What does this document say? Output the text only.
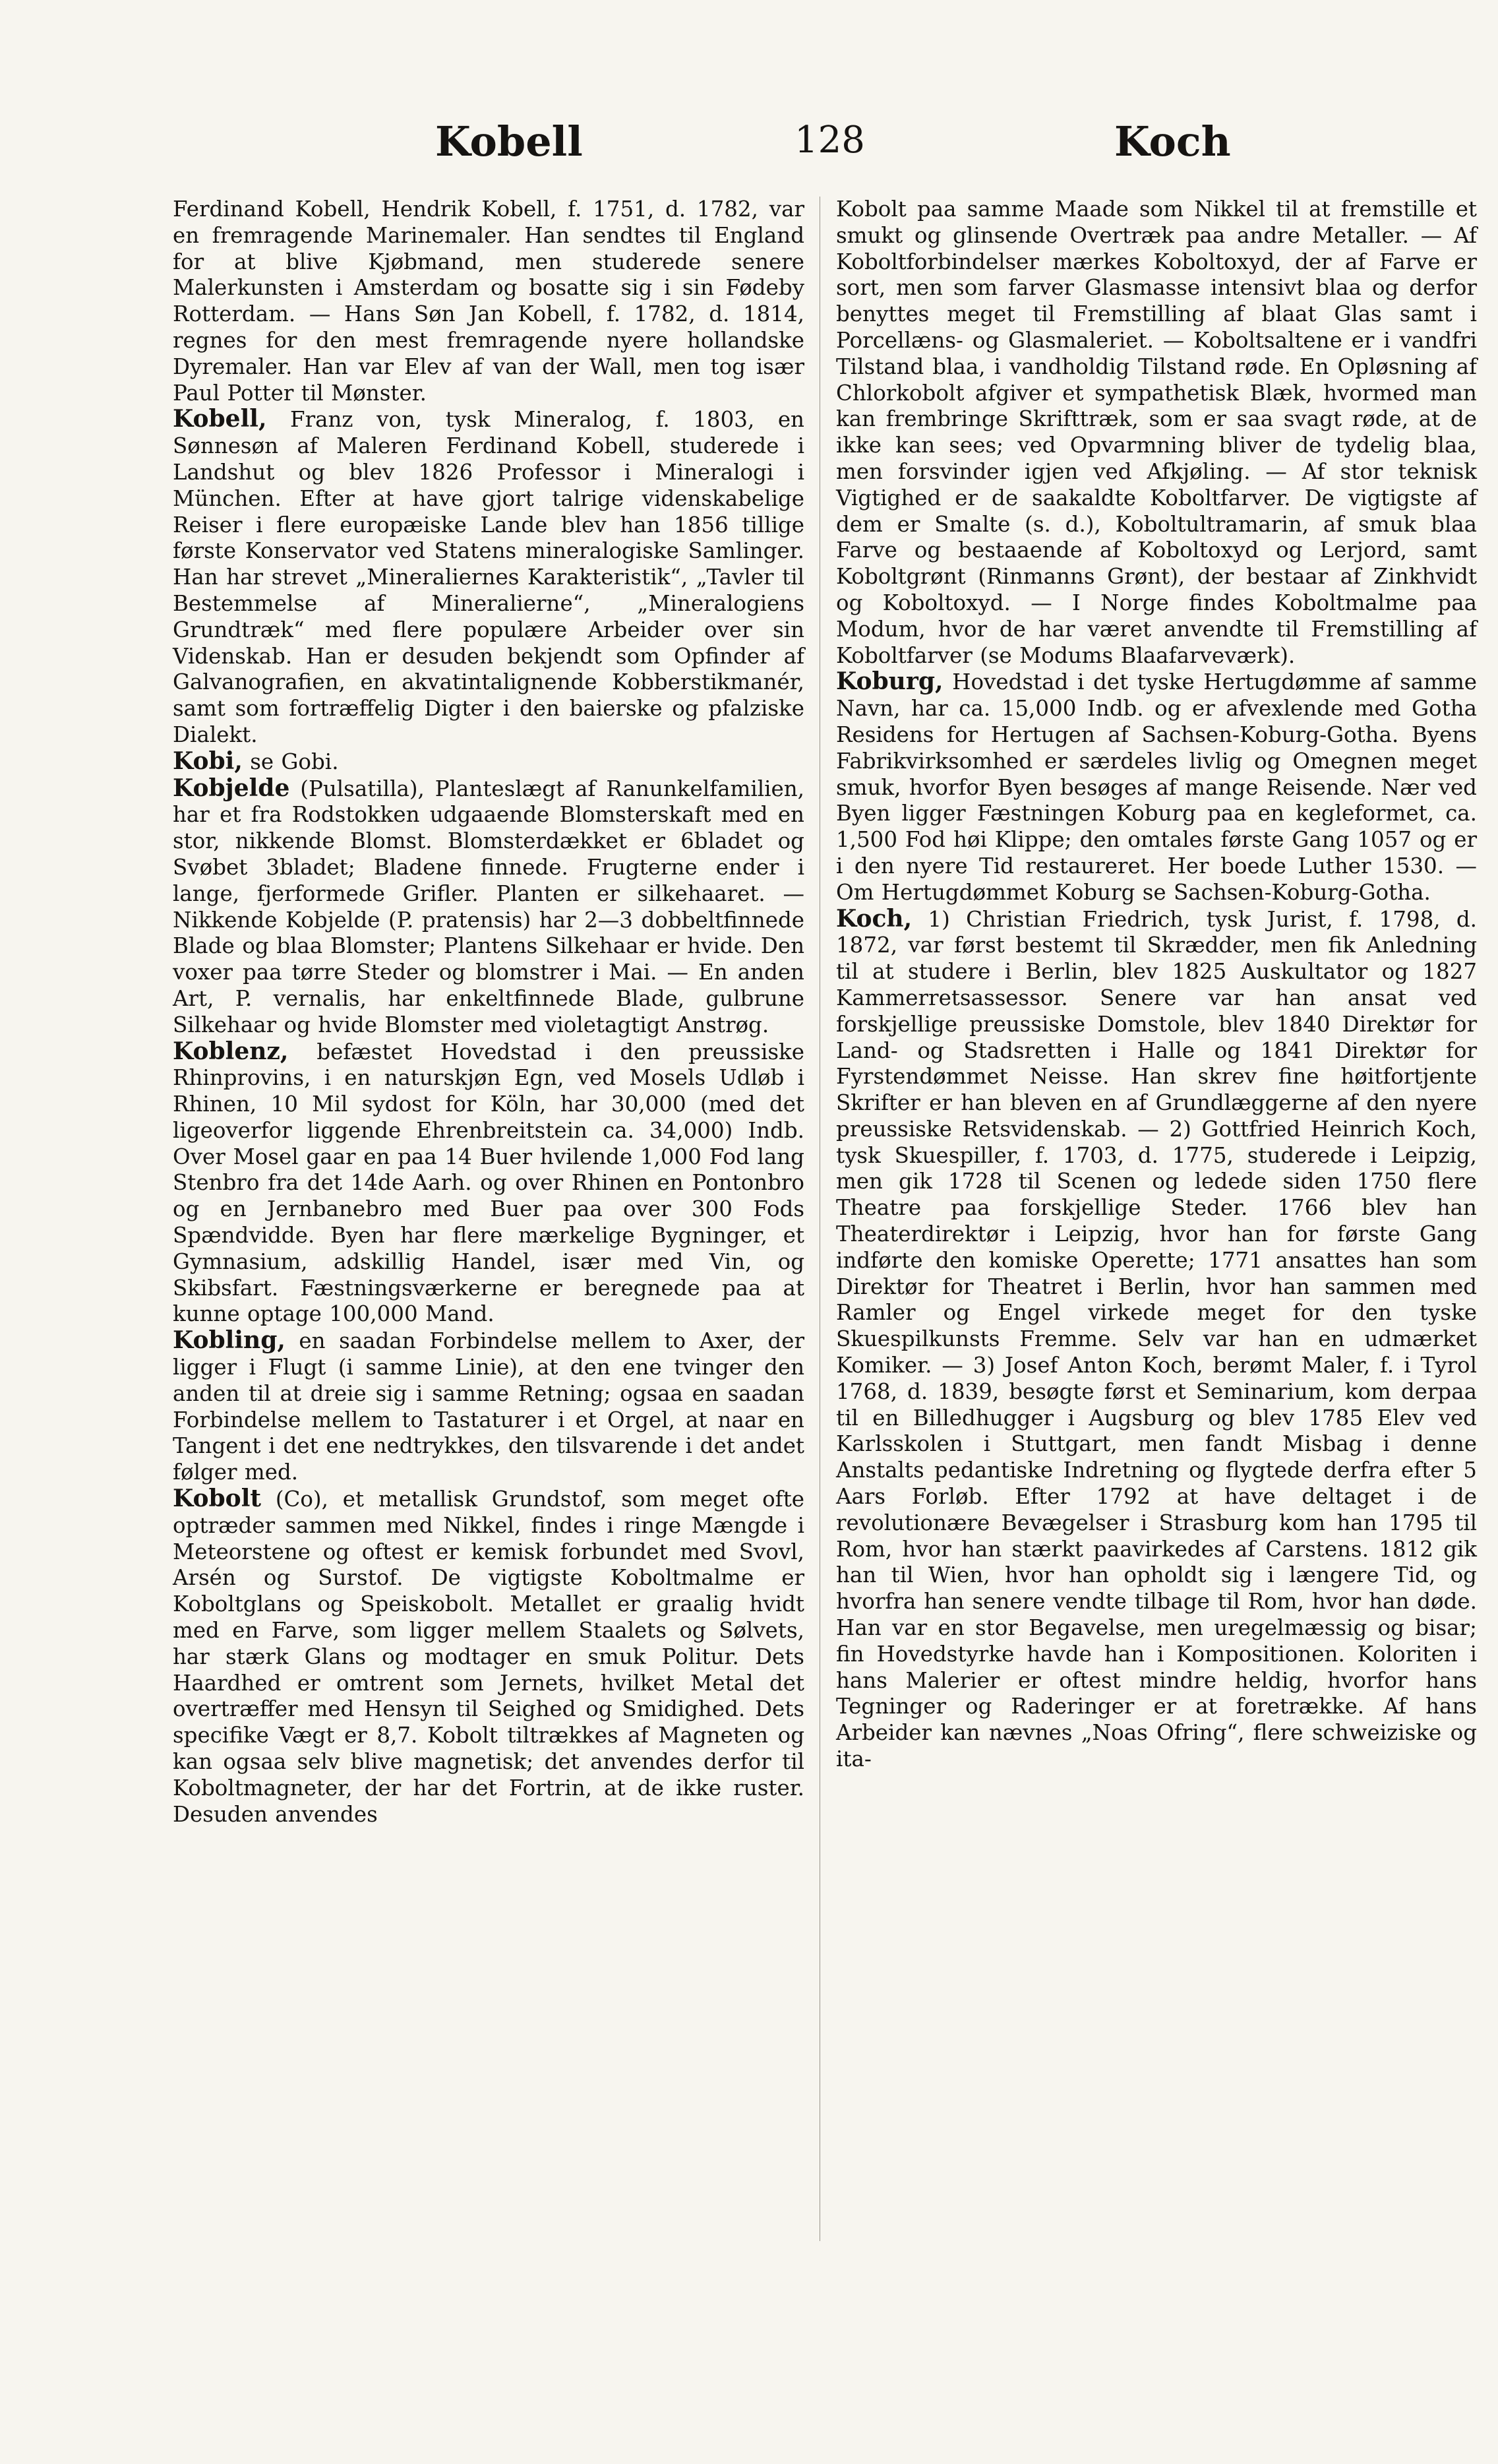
Kobell	128	Koch

Ferdinand Kobell, Hendrik Kobell, f. 1751, d. 1782, var en fremragende Marinemaler. Han sendtes til England for at blive Kjøbmand, men studerede senere Malerkunsten i Amsterdam og bosatte sig i sin Fødeby Rotterdam. — Hans Søn Jan Kobell, f. 1782, d. 1814, regnes for den mest fremragende nyere hollandske Dyremaler. Han var Elev af van der Wall, men tog især Paul Potter til Mønster.

Kobell, Franz von, tysk Mineralog, f. 1803, en Sønnesøn af Maleren Ferdinand Kobell, studerede i Landshut og blev 1826 Professor i Mineralogi i München. Efter at have gjort talrige videnskabelige Reiser i flere europæiske Lande blev han 1856 tillige første Konservator ved Statens mineralogiske Samlinger. Han har strevet „Mineraliernes Karakteristik“, „Tavler til Bestemmelse af Mineralierne“, „Mineralogiens Grundtræk“ med flere populære Arbeider over sin Videnskab. Han er desuden bekjendt som Opfinder af Galvanografien, en akvatintalignende Kobberstikmanér, samt som fortræffelig Digter i den baierske og pfalziske Dialekt.

Kobi, se Gobi.

Kobjelde (Pulsatilla), Planteslægt af Ranunkelfamilien, har et fra Rodstokken udgaaende Blomsterskaft med en stor, nikkende Blomst. Blomsterdækket er 6bladet og Svøbet 3bladet; Bladene finnede. Frugterne ender i lange, fjerformede Grifler. Planten er silkehaaret. — Nikkende Kobjelde (P. pratensis) har 2—3 dobbeltfinnede Blade og blaa Blomster; Plantens Silkehaar er hvide. Den voxer paa tørre Steder og blomstrer i Mai. — En anden Art, P. vernalis, har enkeltfinnede Blade, gulbrune Silkehaar og hvide Blomster med violetagtigt Anstrøg.

Koblenz, befæstet Hovedstad i den preussiske Rhinprovins, i en naturskjøn Egn, ved Mosels Udløb i Rhinen, 10 Mil sydost for Köln, har 30,000 (med det ligeoverfor liggende Ehrenbreitstein ca. 34,000) Indb. Over Mosel gaar en paa 14 Buer hvilende 1,000 Fod lang Stenbro fra det 14de Aarh. og over Rhinen en Pontonbro og en Jernbanebro med Buer paa over 300 Fods Spændvidde. Byen har flere mærkelige Bygninger, et Gymnasium, adskillig Handel, især med Vin, og Skibsfart. Fæstningsværkerne er beregnede paa at kunne optage 100,000 Mand.

Kobling, en saadan Forbindelse mellem to Axer, der ligger i Flugt (i samme Linie), at den ene tvinger den anden til at dreie sig i samme Retning; ogsaa en saadan Forbindelse mellem to Tastaturer i et Orgel, at naar en Tangent i det ene nedtrykkes, den tilsvarende i det andet følger med.

Kobolt (Co), et metallisk Grundstof, som meget ofte optræder sammen med Nikkel, findes i ringe Mængde i Meteorstene og oftest er kemisk forbundet med Svovl, Arsén og Surstof. De vigtigste Koboltmalme er Koboltglans og Speiskobolt. Metallet er graalig hvidt med en Farve, som ligger mellem Staalets og Sølvets, har stærk Glans og modtager en smuk Politur. Dets Haardhed er omtrent som Jernets, hvilket Metal det overtræffer med Hensyn til Seighed og Smidighed. Dets specifike Vægt er 8,7. Kobolt tiltrækkes af Magneten og kan ogsaa selv blive magnetisk; det anvendes derfor til Koboltmagneter, der har det Fortrin, at de ikke ruster. Desuden anvendes

Kobolt paa samme Maade som Nikkel til at fremstille et smukt og glinsende Overtræk paa andre Metaller. — Af Koboltforbindelser mærkes Koboltoxyd, der af Farve er sort, men som farver Glasmasse intensivt blaa og derfor benyttes meget til Fremstilling af blaat Glas samt i Porcellæns- og Glasmaleriet. — Koboltsaltene er i vandfri Tilstand blaa, i vandholdig Tilstand røde. En Opløsning af Chlorkobolt afgiver et sympathetisk Blæk, hvormed man kan frembringe Skrifttræk, som er saa svagt røde, at de ikke kan sees; ved Opvarmning bliver de tydelig blaa, men forsvinder igjen ved Afkjøling. — Af stor teknisk Vigtighed er de saakaldte Koboltfarver. De vigtigste af dem er Smalte (s. d.), Koboltultramarin, af smuk blaa Farve og bestaaende af Koboltoxyd og Lerjord, samt Koboltgrønt (Rinmanns Grønt), der bestaar af Zinkhvidt og Koboltoxyd. — I Norge findes Koboltmalme paa Modum, hvor de har været anvendte til Fremstilling af Koboltfarver (se Modums Blaafarveværk).

Koburg, Hovedstad i det tyske Hertugdømme af samme Navn, har ca. 15,000 Indb. og er afvexlende med Gotha Residens for Hertugen af Sachsen-Koburg-Gotha. Byens Fabrikvirksomhed er særdeles livlig og Omegnen meget smuk, hvorfor Byen besøges af mange Reisende. Nær ved Byen ligger Fæstningen Koburg paa en kegleformet, ca. 1,500 Fod høi Klippe; den omtales første Gang 1057 og er i den nyere Tid restaureret. Her boede Luther 1530. — Om Hertugdømmet Koburg se Sachsen-Koburg-Gotha.

Koch, 1) Christian Friedrich, tysk Jurist, f. 1798, d. 1872, var først bestemt til Skrædder, men fik Anledning til at studere i Berlin, blev 1825 Auskultator og 1827 Kammerretsassessor. Senere var han ansat ved forskjellige preussiske Domstole, blev 1840 Direktør for Land- og Stadsretten i Halle og 1841 Direktør for Fyrstendømmet Neisse. Han skrev fine høitfortjente Skrifter er han bleven en af Grundlæggerne af den nyere preussiske Retsvidenskab. — 2) Gottfried Heinrich Koch, tysk Skuespiller, f. 1703, d. 1775, studerede i Leipzig, men gik 1728 til Scenen og ledede siden 1750 flere Theatre paa forskjellige Steder. 1766 blev han Theaterdirektør i Leipzig, hvor han for første Gang indførte den komiske Operette; 1771 ansattes han som Direktør for Theatret i Berlin, hvor han sammen med Ramler og Engel virkede meget for den tyske Skuespilkunsts Fremme. Selv var han en udmærket Komiker. — 3) Josef Anton Koch, berømt Maler, f. i Tyrol 1768, d. 1839, besøgte først et Seminarium, kom derpaa til en Billedhugger i Augsburg og blev 1785 Elev ved Karlsskolen i Stuttgart, men fandt Misbag i denne Anstalts pedantiske Indretning og flygtede derfra efter 5 Aars Forløb. Efter 1792 at have deltaget i de revolutionære Bevægelser i Strasburg kom han 1795 til Rom, hvor han stærkt paavirkedes af Carstens. 1812 gik han til Wien, hvor han opholdt sig i længere Tid, og hvorfra han senere vendte tilbage til Rom, hvor han døde. Han var en stor Begavelse, men uregelmæssig og bisar; fin Hovedstyrke havde han i Kompositionen. Koloriten i hans Malerier er oftest mindre heldig, hvorfor hans Tegninger og Raderinger er at foretrække. Af hans Arbeider kan nævnes „Noas Ofring“, flere schweiziske og ita-
